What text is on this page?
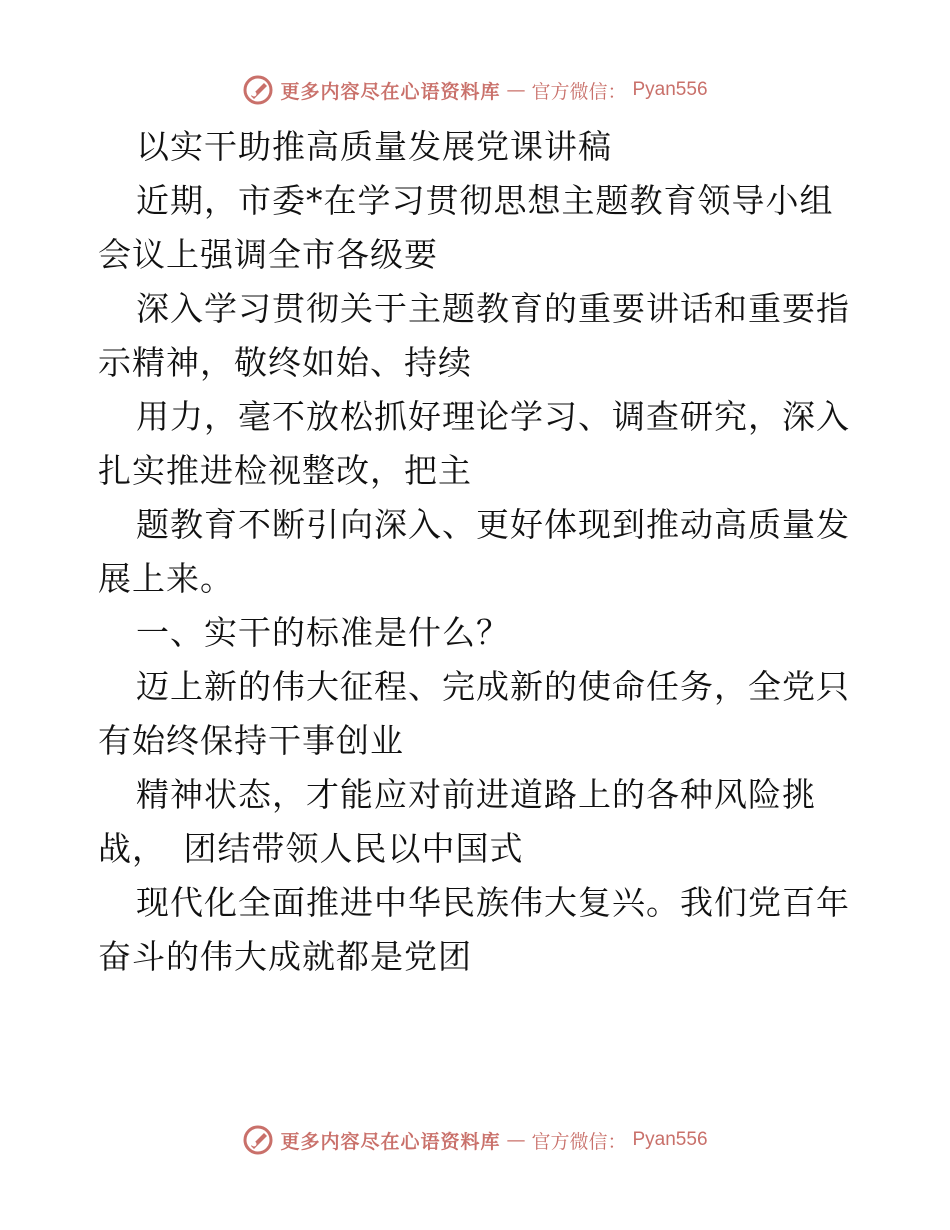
更多内容尽在心语资料库 — 官方微信： Pyan556
以实干助推高质量发展党课讲稿
近期，市委*在学习贯彻思想主题教育领导小组
会议上强调全市各级要
深入学习贯彻关于主题教育的重要讲话和重要指
示精神，敬终如始、持续
用力，毫不放松抓好理论学习、调查研究，深入
扎实推进检视整改，把主
题教育不断引向深入、更好体现到推动高质量发
展上来。
一、实干的标准是什么？
迈上新的伟大征程、完成新的使命任务，全党只
有始终保持干事创业
精神状态，才能应对前进道路上的各种风险挑
战，　团结带领人民以中国式
现代化全面推进中华民族伟大复兴。我们党百年
奋斗的伟大成就都是党团
更多内容尽在心语资料库 — 官方微信： Pyan556
